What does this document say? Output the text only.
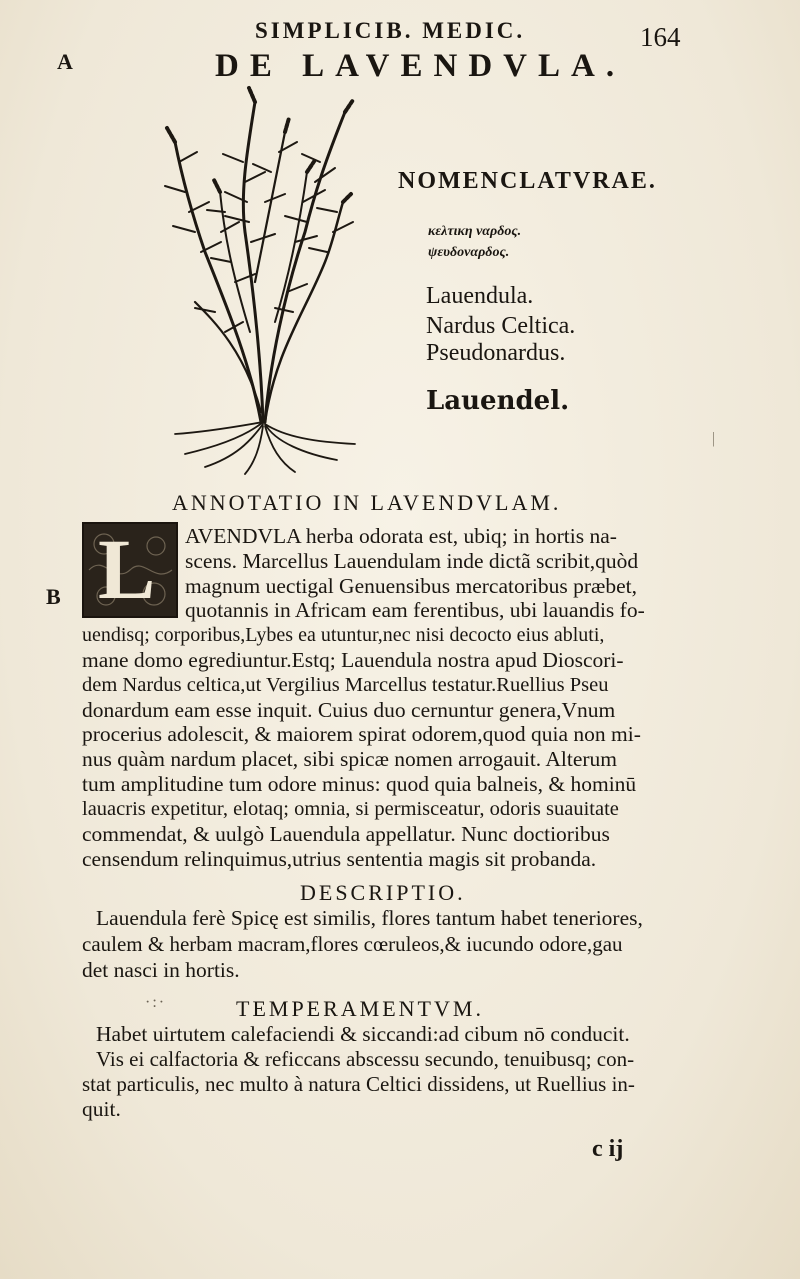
SIMPLICIB. MEDIC.	164
DE LAVENDVLA.
A
B
|
NOMENCLATVRAE.
κελτικη ναρδος.
ψευδοναρδος.
Lauendula.
Nardus Celtica.
Pseudonardus.
Lauendel.
ANNOTATIO IN LAVENDVLAM.
L AVENDVLA herba odorata est, ubiq; in hortis na-
scens. Marcellus Lauendulam inde dictã scribit,quòd
magnum uectigal Genuensibus mercatoribus præbet,
quotannis in Africam eam ferentibus, ubi lauandis fo-
uendisq; corporibus,Lybes ea utuntur,nec nisi decocto eius abluti,
mane domo egrediuntur.Estq; Lauendula nostra apud Dioscori-
dem Nardus celtica,ut Vergilius Marcellus testatur.Ruellius Pseu
donardum eam esse inquit. Cuius duo cernuntur genera,Vnum
procerius adolescit, & maiorem spirat odorem,quod quia non mi-
nus quàm nardum placet, sibi spicæ nomen arrogauit. Alterum
tum amplitudine tum odore minus: quod quia balneis, & hominū
lauacris expetitur, elotaq; omnia, si permisceatur, odoris suauitate
commendat, & uulgò Lauendula appellatur. Nunc doctioribus
censendum relinquimus,utrius sententia magis sit probanda.
DESCRIPTIO.
Lauendula ferè Spicę est similis, flores tantum habet teneriores,
caulem & herbam macram,flores cœruleos,& iucundo odore,gau
det nasci in hortis.
·:·	TEMPERAMENTVM.
Habet uirtutem calefaciendi & siccandi:ad cibum nō conducit.
Vis ei calfactoria & reficcans abscessu secundo, tenuibusq; con-
stat particulis, nec multo à natura Celtici dissidens, ut Ruellius in-
quit.
c ij
